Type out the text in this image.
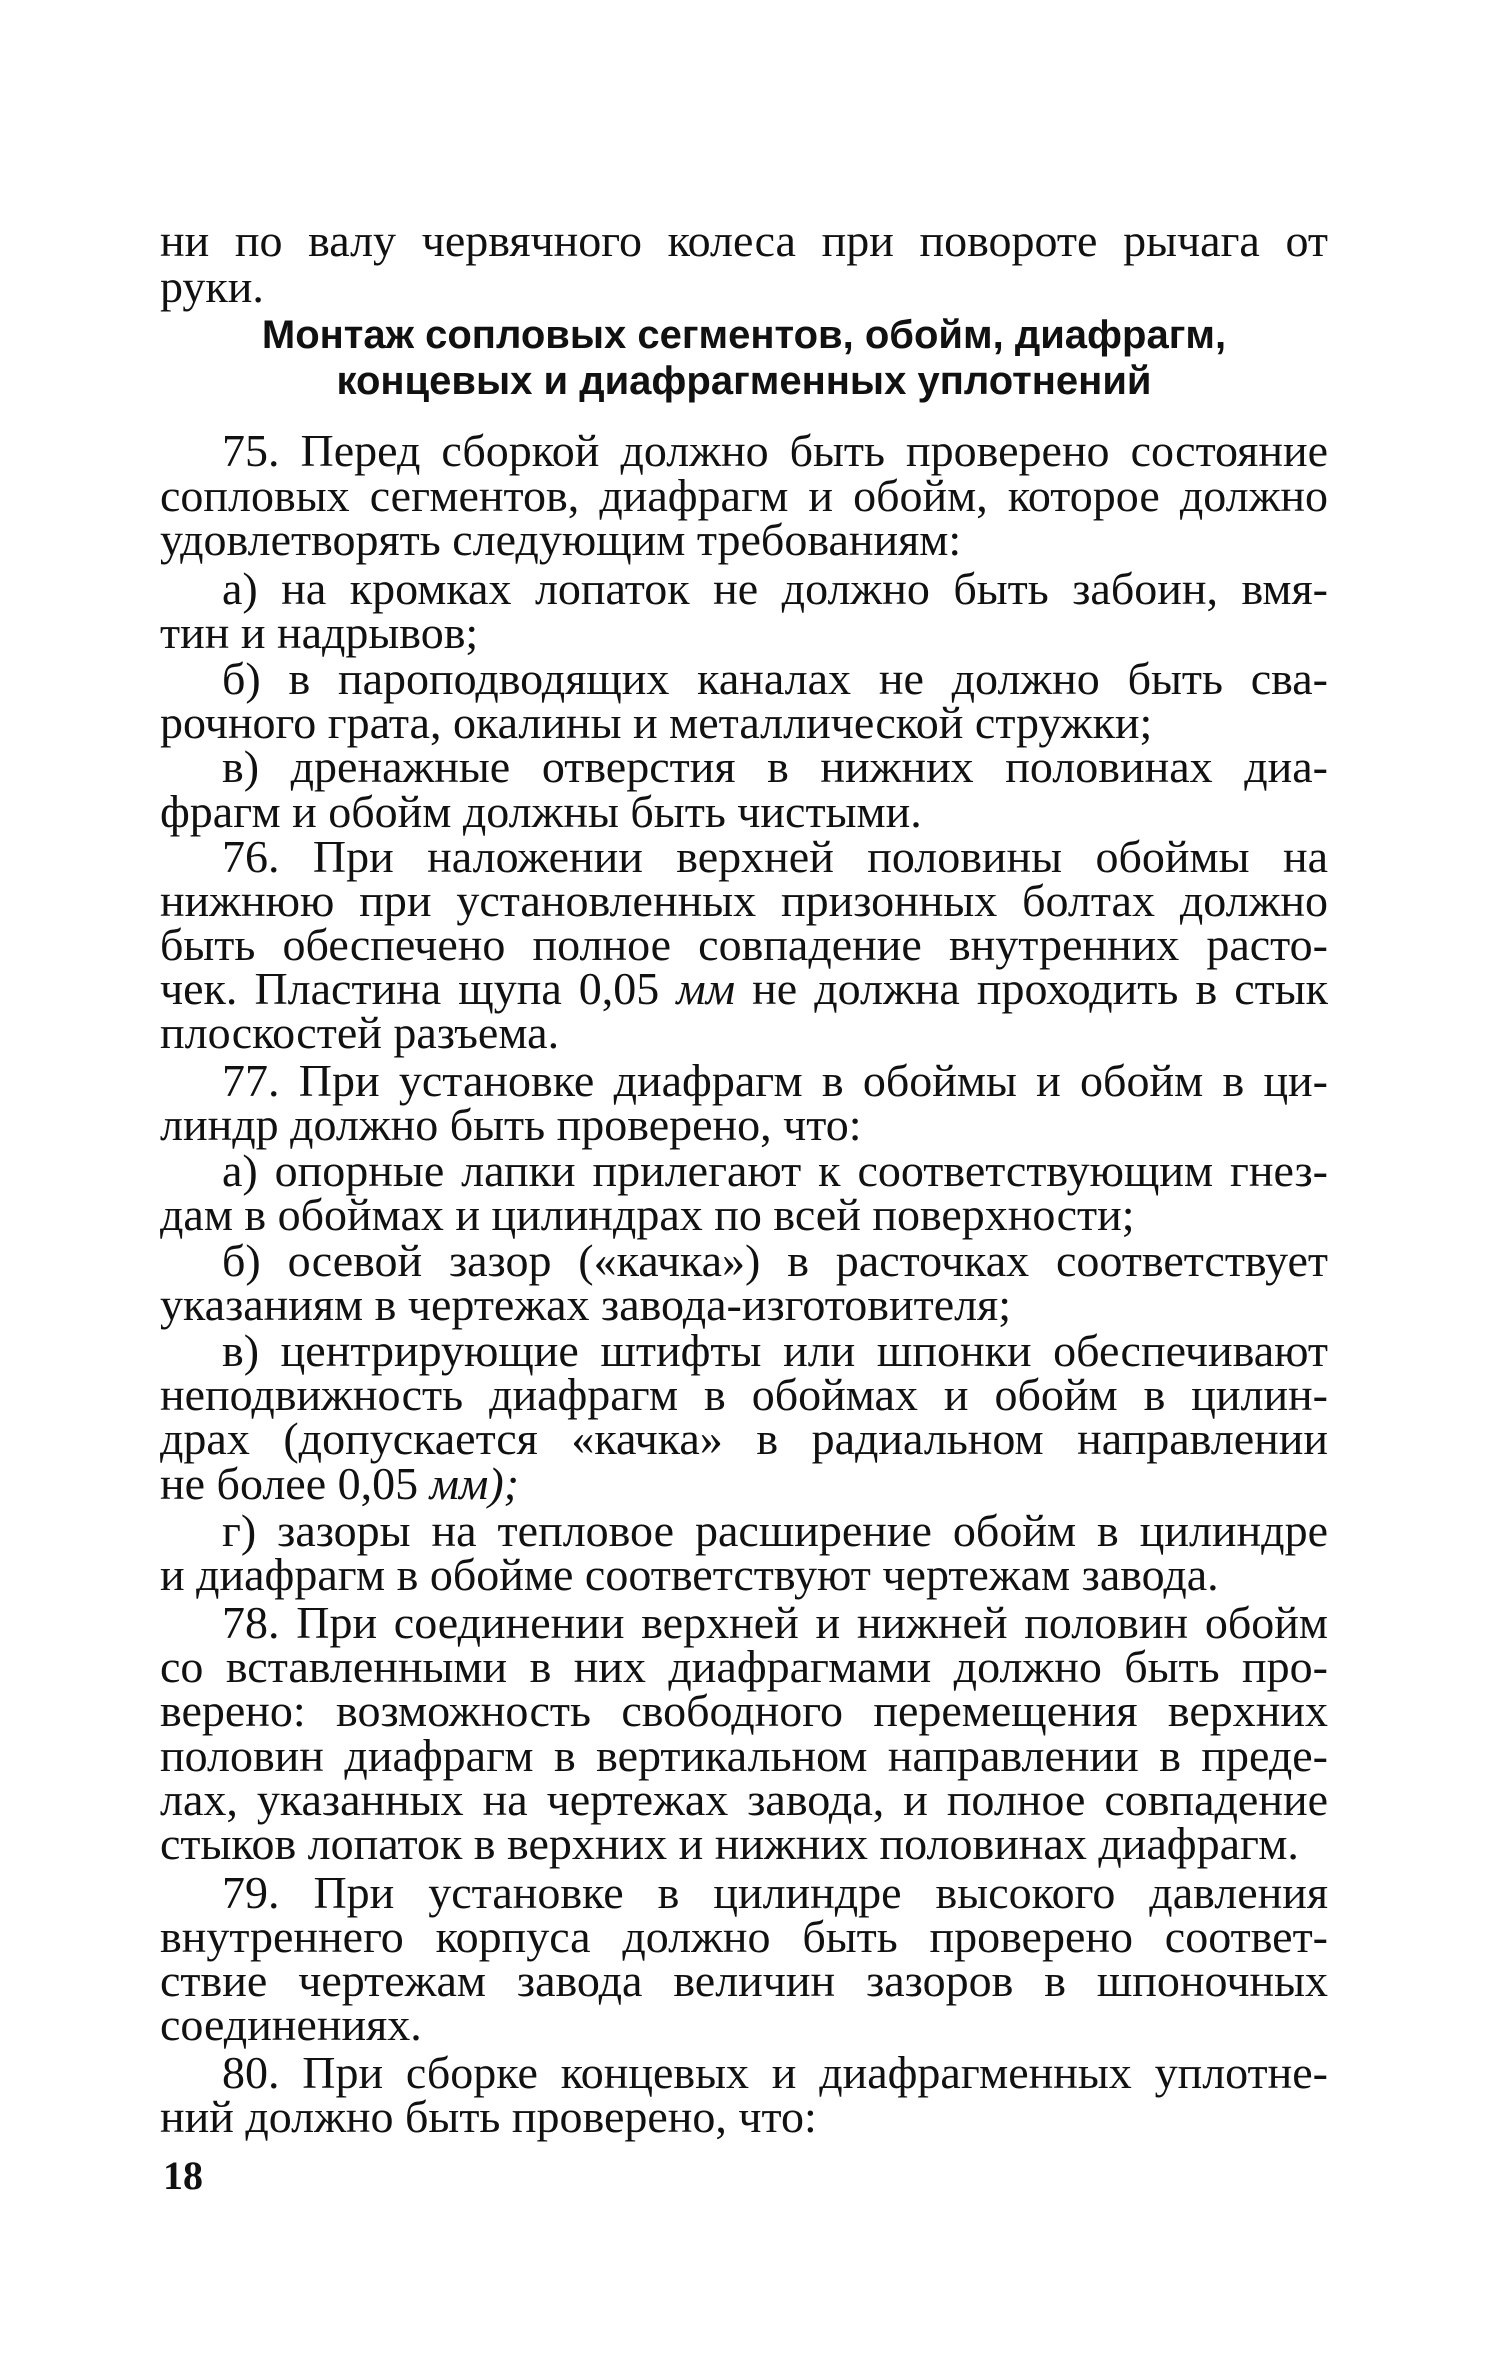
ни по валу червячного колеса при повороте рычага от
руки.
Монтаж сопловых сегментов, обойм, диафрагм,
концевых и диафрагменных уплотнений
75. Перед сборкой должно быть проверено состояние
сопловых сегментов, диафрагм и обойм, которое должно
удовлетворять следующим требованиям:
а) на кромках лопаток не должно быть забоин, вмя-
тин и надрывов;
б) в пароподводящих каналах не должно быть сва-
рочного грата, окалины и металлической стружки;
в) дренажные отверстия в нижних половинах диа-
фрагм и обойм должны быть чистыми.
76. При наложении верхней половины обоймы на
нижнюю при установленных призонных болтах должно
быть обеспечено полное совпадение внутренних расто-
чек. Пластина щупа 0,05 мм не должна проходить в стык
плоскостей разъема.
77. При установке диафрагм в обоймы и обойм в ци-
линдр должно быть проверено, что:
а) опорные лапки прилегают к соответствующим гнез-
дам в обоймах и цилиндрах по всей поверхности;
б) осевой зазор («качка») в расточках соответствует
указаниям в чертежах завода-изготовителя;
в) центрирующие штифты или шпонки обеспечивают
неподвижность диафрагм в обоймах и обойм в цилин-
драх (допускается «качка» в радиальном направлении
не более 0,05 мм);
г) зазоры на тепловое расширение обойм в цилиндре
и диафрагм в обойме соответствуют чертежам завода.
78. При соединении верхней и нижней половин обойм
со вставленными в них диафрагмами должно быть про-
верено: возможность свободного перемещения верхних
половин диафрагм в вертикальном направлении в преде-
лах, указанных на чертежах завода, и полное совпадение
стыков лопаток в верхних и нижних половинах диафрагм.
79. При установке в цилиндре высокого давления
внутреннего корпуса должно быть проверено соответ-
ствие чертежам завода величин зазоров в шпоночных
соединениях.
80. При сборке концевых и диафрагменных уплотне-
ний должно быть проверено, что:
18
